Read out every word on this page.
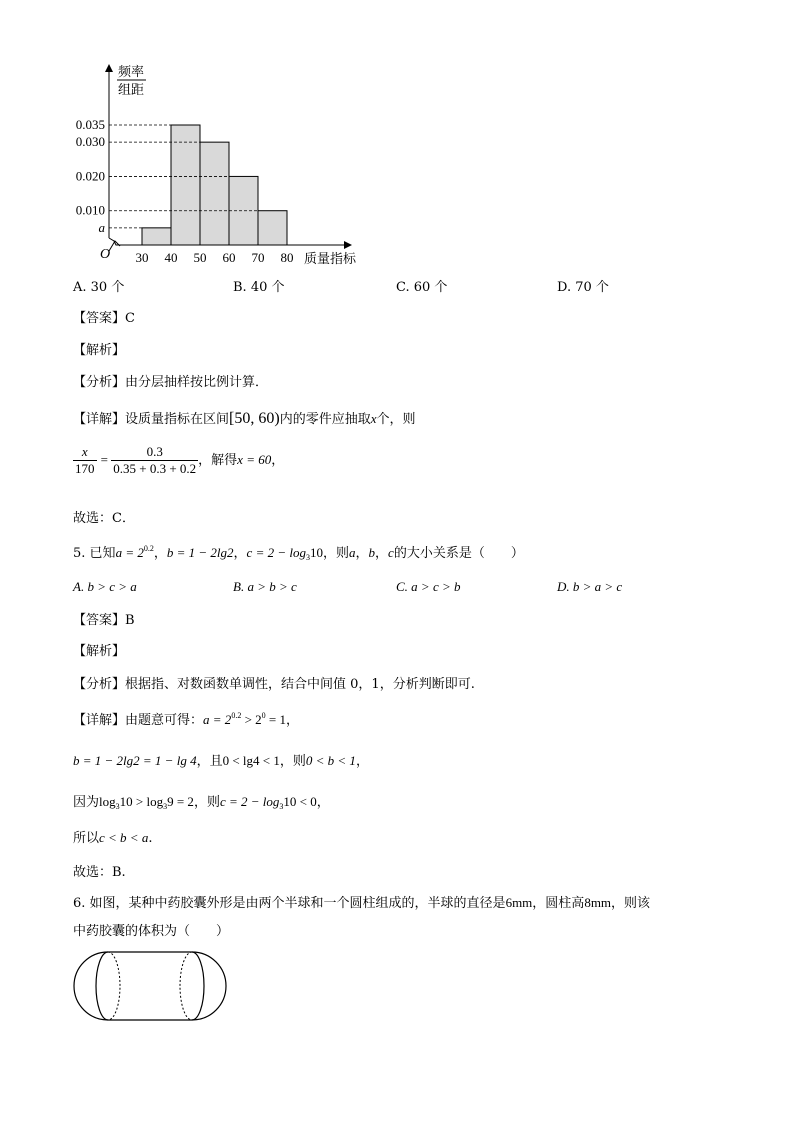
频率
组距
0.035
0.030
0.020
0.010
a
30 40 50 60 70 80
O	质量指标
A. 30 个	B. 40 个	C. 60 个	D. 70 个
【答案】C
【解析】
【分析】由分层抽样按比例计算．
【详解】设质量指标在区间[50, 60)内的零件应抽取x个，则
$\frac{x}{170} = \frac{0.3}{0.35 + 0.3 + 0.2}$ ，解得x = 60，
故选：C．
5. 已知$a = 2^{0.2}$，b = 1 − 2lg2，$c = 2 - \log_310$，则a，b，c的大小关系是（　　）
A. b > c > a	B. a > b > c	C. a > c > b	D. b > a > c
【答案】B
【解析】
【分析】根据指、对数函数单调性，结合中间值 0，1，分析判断即可.
【详解】由题意可得：$a = 2^{0.2} > 2^0 = 1$，
b = 1 − 2lg2 = 1 − lg 4，且0 < lg4 < 1，则0 < b < 1，
因为$\log_310 > \log_39 = 2$，则$c = 2 - \log_310 < 0$，
所以c < b < a.
故选：B.
6. 如图，某种中药胶囊外形是由两个半球和一个圆柱组成的，半球的直径是6mm，圆柱高8mm，则该
中药胶囊的体积为（　　）
